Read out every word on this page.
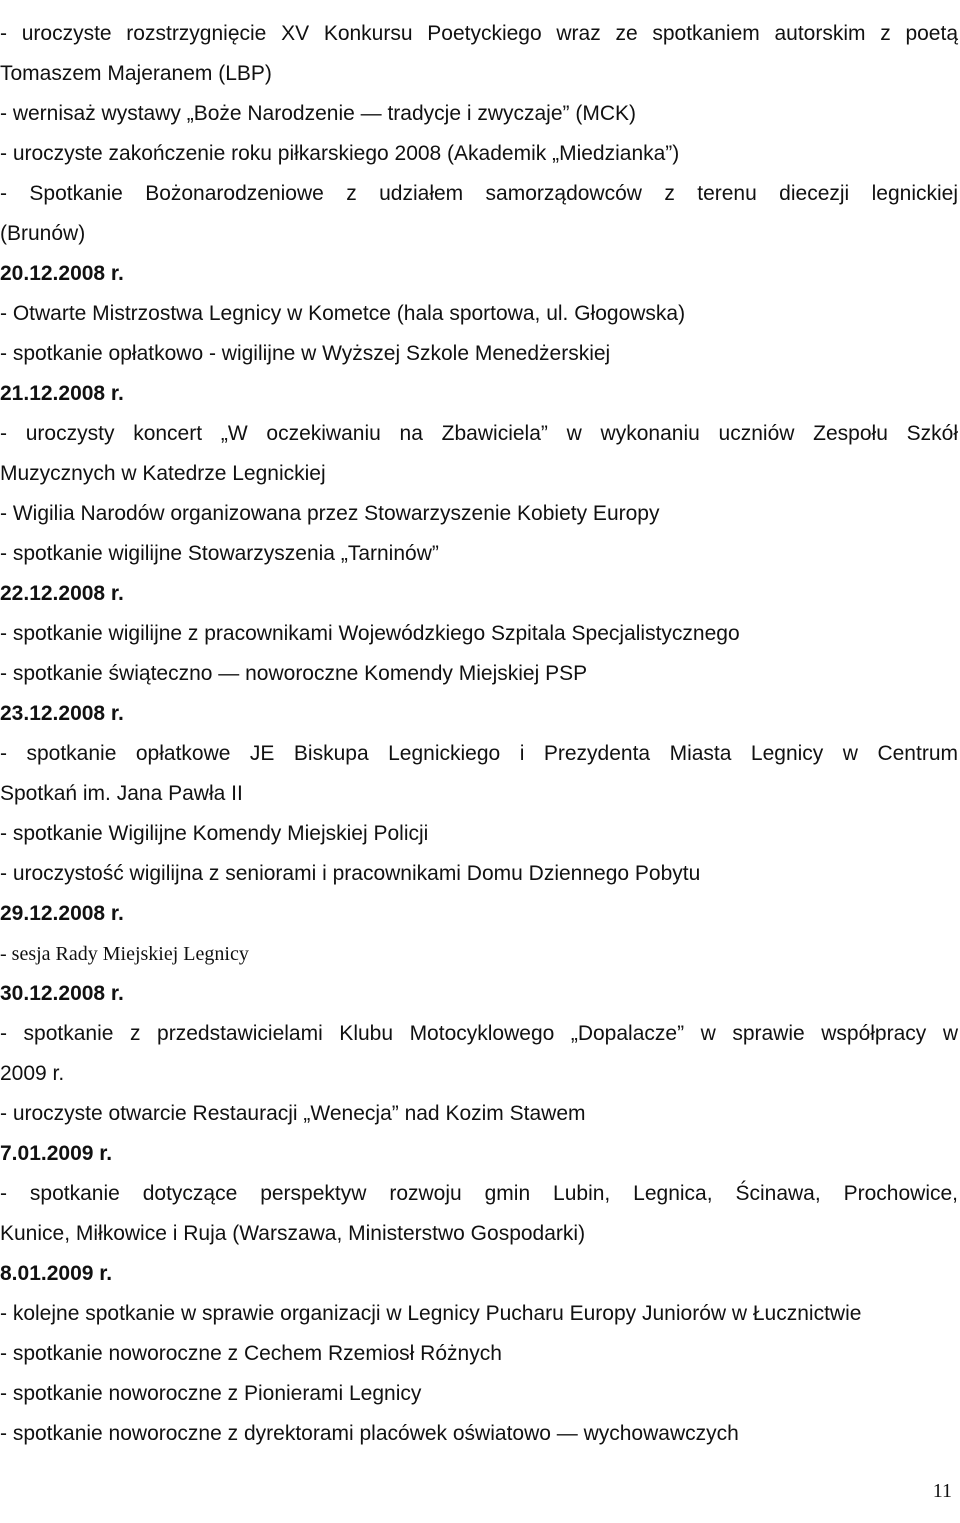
- uroczyste rozstrzygnięcie XV Konkursu Poetyckiego wraz ze spotkaniem autorskim z poetą
Tomaszem Majeranem (LBP)
- wernisaż wystawy „Boże Narodzenie — tradycje i zwyczaje” (MCK)
- uroczyste zakończenie roku piłkarskiego 2008 (Akademik „Miedzianka”)
- Spotkanie Bożonarodzeniowe z udziałem samorządowców z terenu diecezji legnickiej
(Brunów)
20.12.2008 r.
- Otwarte Mistrzostwa Legnicy w Kometce (hala sportowa, ul. Głogowska)
- spotkanie opłatkowo - wigilijne w Wyższej Szkole Menedżerskiej
21.12.2008 r.
- uroczysty koncert „W oczekiwaniu na Zbawiciela” w wykonaniu uczniów Zespołu Szkół
Muzycznych w Katedrze Legnickiej
- Wigilia Narodów organizowana przez Stowarzyszenie Kobiety Europy
- spotkanie wigilijne Stowarzyszenia „Tarninów”
22.12.2008 r.
- spotkanie wigilijne z pracownikami Wojewódzkiego Szpitala Specjalistycznego
- spotkanie świąteczno — noworoczne Komendy Miejskiej PSP
23.12.2008 r.
- spotkanie opłatkowe JE Biskupa Legnickiego i Prezydenta Miasta Legnicy w Centrum
Spotkań im. Jana Pawła II
- spotkanie Wigilijne Komendy Miejskiej Policji
- uroczystość wigilijna z seniorami i pracownikami Domu Dziennego Pobytu
29.12.2008 r.
- sesja Rady Miejskiej Legnicy
30.12.2008 r.
- spotkanie z przedstawicielami Klubu Motocyklowego „Dopalacze” w sprawie współpracy w
2009 r.
- uroczyste otwarcie Restauracji „Wenecja” nad Kozim Stawem
7.01.2009 r.
- spotkanie dotyczące perspektyw rozwoju gmin Lubin, Legnica, Ścinawa, Prochowice,
Kunice, Miłkowice i Ruja (Warszawa, Ministerstwo Gospodarki)
8.01.2009 r.
- kolejne spotkanie w sprawie organizacji w Legnicy Pucharu Europy Juniorów w Łucznictwie
- spotkanie noworoczne z Cechem Rzemiosł Różnych
- spotkanie noworoczne z Pionierami Legnicy
- spotkanie noworoczne z dyrektorami placówek oświatowo — wychowawczych
11
